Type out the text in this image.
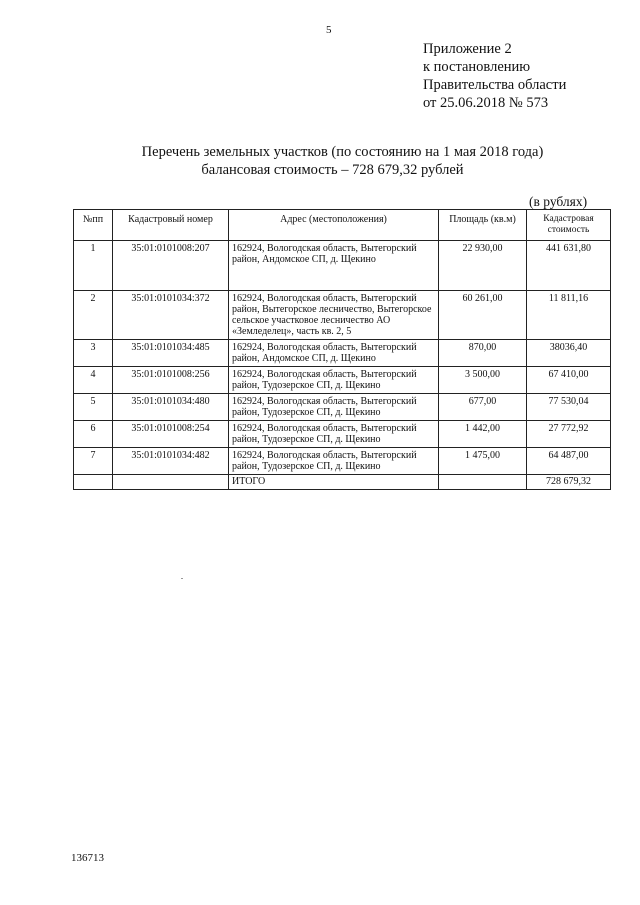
5
Приложение 2
к постановлению
Правительства области
от 25.06.2018 № 573
Перечень земельных участков (по состоянию на 1 мая 2018 года)
балансовая стоимость – 728 679,32 рублей
(в рублях)
№пп	Кадастровый номер	Адрес (местоположения)	Площадь (кв.м)	Кадастровая стоимость
1	35:01:0101008:207	162924, Вологодская область, Вытегорский район, Андомское СП, д. Щекино	22 930,00	441 631,80
2	35:01:0101034:372	162924, Вологодская область, Вытегорский район, Вытегорское лесничество, Вытегорское сельское участковое лесничество АО «Земледелец», часть кв. 2, 5	60 261,00	11 811,16
3	35:01:0101034:485	162924, Вологодская область, Вытегорский район, Андомское СП, д. Щекино	870,00	38036,40
4	35:01:0101008:256	162924, Вологодская область, Вытегорский район, Тудозерское СП, д. Щекино	3 500,00	67 410,00
5	35:01:0101034:480	162924, Вологодская область, Вытегорский район, Тудозерское СП, д. Щекино	677,00	77 530,04
6	35:01:0101008:254	162924, Вологодская область, Вытегорский район, Тудозерское СП, д. Щекино	1 442,00	27 772,92
7	35:01:0101034:482	162924, Вологодская область, Вытегорский район, Тудозерское СП, д. Щекино	1 475,00	64 487,00
		ИТОГО		728 679,32
136713
